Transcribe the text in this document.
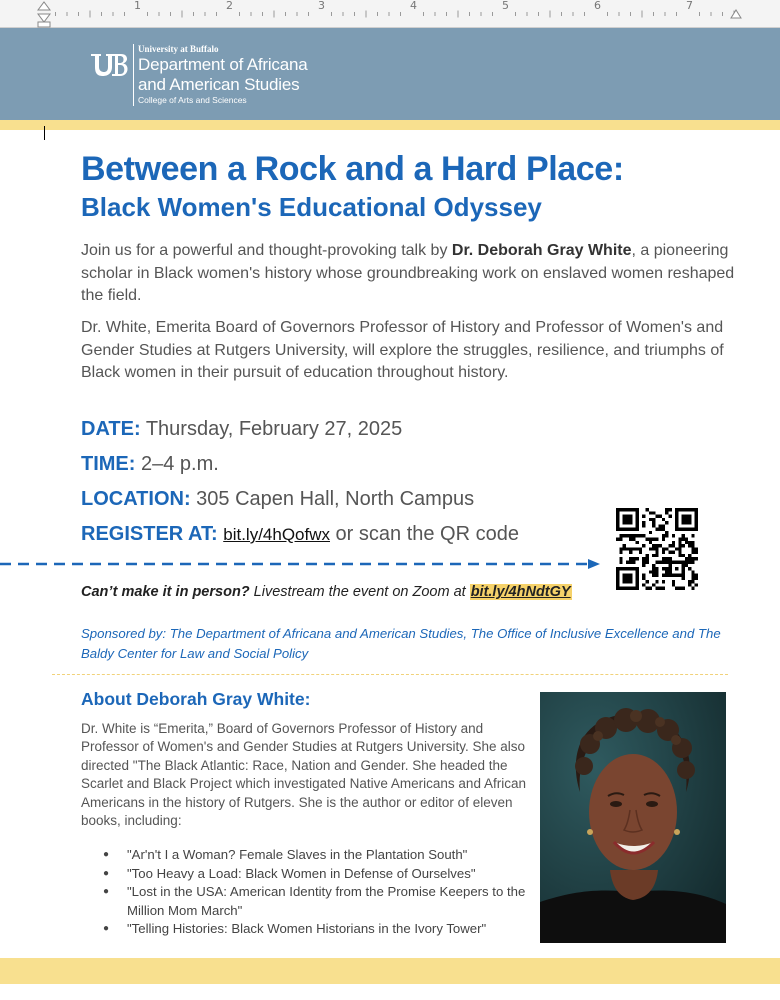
1	2	3	4	5	6	7
University at Buffalo
Department of Africana
and American Studies
College of Arts and Sciences
Between a Rock and a Hard Place:
Black Women's Educational Odyssey

Join us for a powerful and thought-provoking talk by Dr. Deborah Gray White, a pioneering scholar in Black women's history whose groundbreaking work on enslaved women reshaped the field.

Dr. White, Emerita Board of Governors Professor of History and Professor of Women's and Gender Studies at Rutgers University, will explore the struggles, resilience, and triumphs of Black women in their pursuit of education throughout history.

DATE: Thursday, February 27, 2025
TIME: 2–4 p.m.
LOCATION: 305 Capen Hall, North Campus
REGISTER AT: bit.ly/4hQofwx or scan the QR code
Can’t make it in person? Livestream the event on Zoom at bit.ly/4hNdtGY

Sponsored by: The Department of Africana and American Studies, The Office of Inclusive Excellence and The Baldy Center for Law and Social Policy

About Deborah Gray White:

Dr. White is “Emerita,” Board of Governors Professor of History and Professor of Women's and Gender Studies at Rutgers University. She also directed "The Black Atlantic: Race, Nation and Gender. She headed the Scarlet and Black Project which investigated Native Americans and African Americans in the history of Rutgers. She is the author or editor of eleven books, including:

● "Ar'n't I a Woman? Female Slaves in the Plantation South"
● "Too Heavy a Load: Black Women in Defense of Ourselves"
● "Lost in the USA: American Identity from the Promise Keepers to the Million Mom March"
● "Telling Histories: Black Women Historians in the Ivory Tower"
